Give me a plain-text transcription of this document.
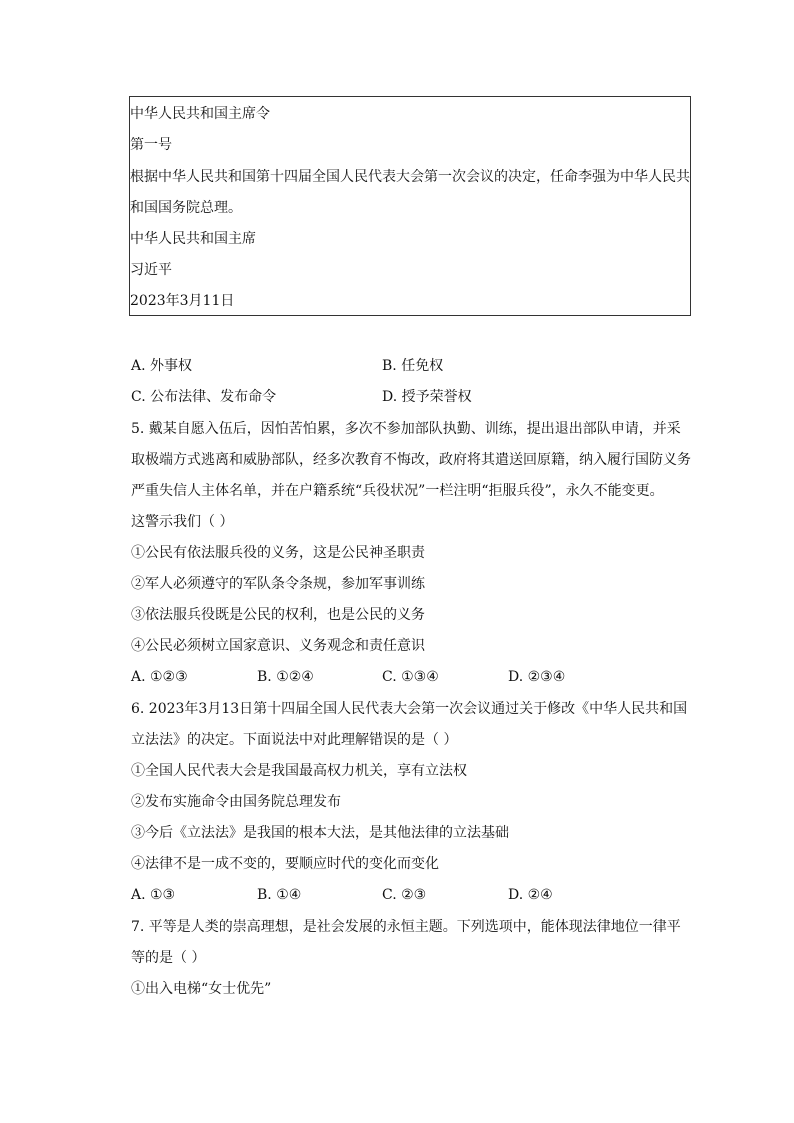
中华人民共和国主席令
第一号
根据中华人民共和国第十四届全国人民代表大会第一次会议的决定，任命李强为中华人民共
和国国务院总理。
中华人民共和国主席
习近平
2023年3月11日
A. 外事权	B. 任免权
C. 公布法律、发布命令	D. 授予荣誉权
5. 戴某自愿入伍后，因怕苦怕累，多次不参加部队执勤、训练，提出退出部队申请，并采
取极端方式逃离和威胁部队，经多次教育不悔改，政府将其遣送回原籍，纳入履行国防义务
严重失信人主体名单，并在户籍系统“兵役状况”一栏注明“拒服兵役”，永久不能变更。
这警示我们（ ）
①公民有依法服兵役的义务，这是公民神圣职责
②军人必须遵守的军队条令条规，参加军事训练
③依法服兵役既是公民的权利，也是公民的义务
④公民必须树立国家意识、义务观念和责任意识
A. ①②③	B. ①②④	C. ①③④	D. ②③④
6. 2023年3月13日第十四届全国人民代表大会第一次会议通过关于修改《中华人民共和国
立法法》的决定。下面说法中对此理解错误的是（ ）
①全国人民代表大会是我国最高权力机关，享有立法权
②发布实施命令由国务院总理发布
③今后《立法法》是我国的根本大法，是其他法律的立法基础
④法律不是一成不变的，要顺应时代的变化而变化
A. ①③	B. ①④	C. ②③	D. ②④
7. 平等是人类的崇高理想，是社会发展的永恒主题。下列选项中，能体现法律地位一律平
等的是（ ）
①出入电梯“女士优先”
